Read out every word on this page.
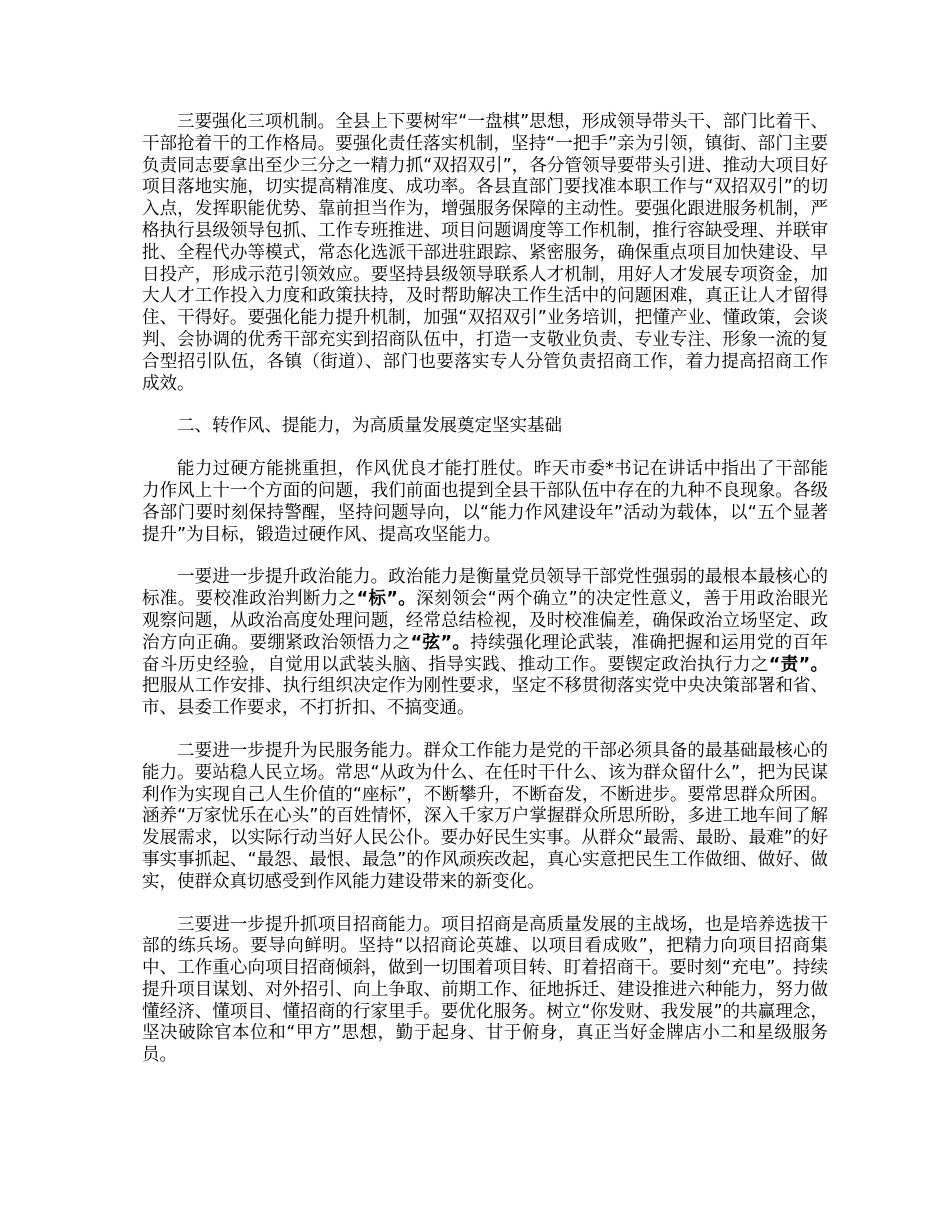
三要强化三项机制。全县上下要树牢“一盘棋”思想，形成领导带头干、部门比着干、干部抢着干的工作格局。要强化责任落实机制，坚持“一把手”亲为引领，镇街、部门主要负责同志要拿出至少三分之一精力抓“双招双引”，各分管领导要带头引进、推动大项目好项目落地实施，切实提高精准度、成功率。各县直部门要找准本职工作与“双招双引”的切入点，发挥职能优势、靠前担当作为，增强服务保障的主动性。要强化跟进服务机制，严格执行县级领导包抓、工作专班推进、项目问题调度等工作机制，推行容缺受理、并联审批、全程代办等模式，常态化选派干部进驻跟踪、紧密服务，确保重点项目加快建设、早日投产，形成示范引领效应。要坚持县级领导联系人才机制，用好人才发展专项资金，加大人才工作投入力度和政策扶持，及时帮助解决工作生活中的问题困难，真正让人才留得住、干得好。要强化能力提升机制，加强“双招双引”业务培训，把懂产业、懂政策，会谈判、会协调的优秀干部充实到招商队伍中，打造一支敬业负责、专业专注、形象一流的复合型招引队伍，各镇（街道）、部门也要落实专人分管负责招商工作，着力提高招商工作成效。

二、转作风、提能力，为高质量发展奠定坚实基础

能力过硬方能挑重担，作风优良才能打胜仗。昨天市委*书记在讲话中指出了干部能力作风上十一个方面的问题，我们前面也提到全县干部队伍中存在的九种不良现象。各级各部门要时刻保持警醒，坚持问题导向，以“能力作风建设年”活动为载体，以“五个显著提升”为目标，锻造过硬作风、提高攻坚能力。

一要进一步提升政治能力。政治能力是衡量党员领导干部党性强弱的最根本最核心的标准。要校准政治判断力之“标”。深刻领会“两个确立”的决定性意义，善于用政治眼光观察问题，从政治高度处理问题，经常总结检视，及时校准偏差，确保政治立场坚定、政治方向正确。要绷紧政治领悟力之“弦”。持续强化理论武装，准确把握和运用党的百年奋斗历史经验，自觉用以武装头脑、指导实践、推动工作。要锲定政治执行力之“责”。把服从工作安排、执行组织决定作为刚性要求，坚定不移贯彻落实党中央决策部署和省、市、县委工作要求，不打折扣、不搞变通。

二要进一步提升为民服务能力。群众工作能力是党的干部必须具备的最基础最核心的能力。要站稳人民立场。常思“从政为什么、在任时干什么、该为群众留什么”，把为民谋利作为实现自己人生价值的“座标”，不断攀升，不断奋发，不断进步。要常思群众所困。涵养“万家忧乐在心头”的百姓情怀，深入千家万户掌握群众所思所盼，多进工地车间了解发展需求，以实际行动当好人民公仆。要办好民生实事。从群众“最需、最盼、最难”的好事实事抓起、“最怨、最恨、最急”的作风顽疾改起，真心实意把民生工作做细、做好、做实，使群众真切感受到作风能力建设带来的新变化。

三要进一步提升抓项目招商能力。项目招商是高质量发展的主战场，也是培养选拔干部的练兵场。要导向鲜明。坚持“以招商论英雄、以项目看成败”，把精力向项目招商集中、工作重心向项目招商倾斜，做到一切围着项目转、盯着招商干。要时刻“充电”。持续提升项目谋划、对外招引、向上争取、前期工作、征地拆迁、建设推进六种能力，努力做懂经济、懂项目、懂招商的行家里手。要优化服务。树立“你发财、我发展”的共赢理念，坚决破除官本位和“甲方”思想，勤于起身、甘于俯身，真正当好金牌店小二和星级服务员。
